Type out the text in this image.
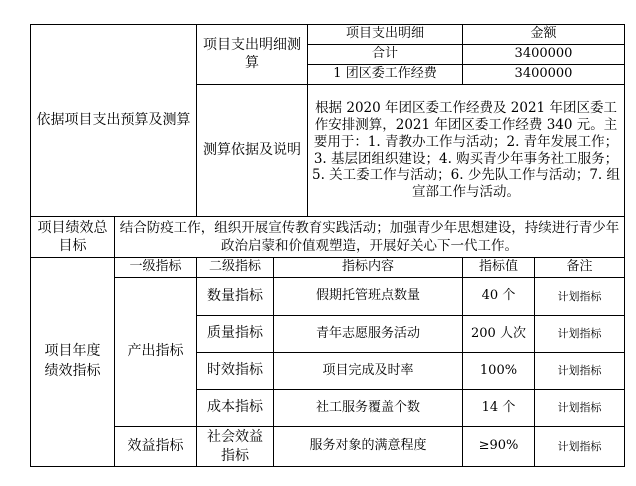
依据项目支出预算及测算		项目支出明细测算		项目支出明细	金额	
				合计	3400000	
				1 团区委工作经费	3400000	
		测算依据及说明		根据 2020 年团区委工作经费及 2021 年团区委工作安排测算，2021 年团区委工作经费 340 元。主要用于：1. 青教办工作与活动；2. 青年发展工作；3. 基层团组织建设；4. 购买青少年事务社工服务；5. 关工委工作与活动；6. 少先队工作与活动；7. 组宣部工作与活动。		
项目绩效总目标	结合防疫工作，组织开展宣传教育实践活动；加强青少年思想建设，持续进行青少年政治启蒙和价值观塑造，开展好关心下一代工作。					
项目年度绩效指标	一级指标	二级指标	指标内容		指标值	备注
	产出指标	数量指标	假期托管班点数量		40 个	计划指标
		质量指标	青年志愿服务活动		200 人次	计划指标
		时效指标	项目完成及时率		100%	计划指标
		成本指标	社工服务覆盖个数		14 个	计划指标
	效益指标	社会效益指标	服务对象的满意程度		≥90%	计划指标
